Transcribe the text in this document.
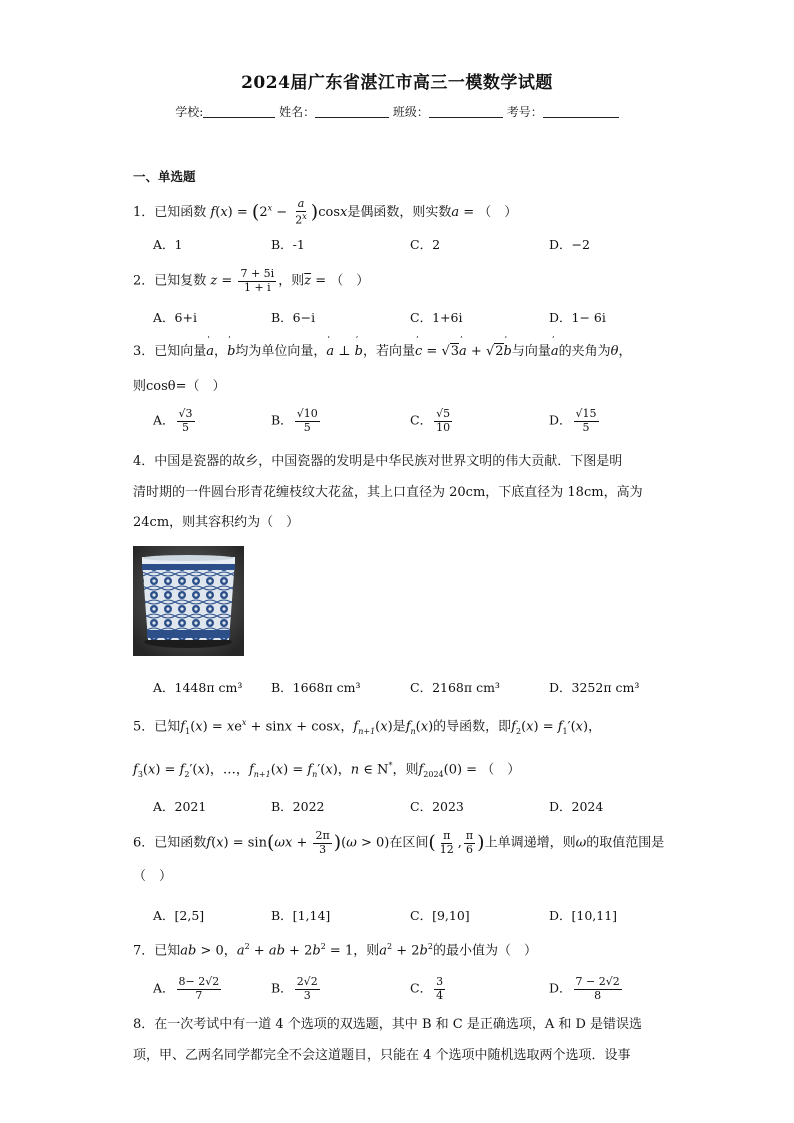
2024届广东省湛江市高三一模数学试题
学校:	姓名：	班级：	考号：
一、单选题
1．已知函数 $f(x) = (2^x - \frac{a}{2^x} )\cos x$是偶函数，则实数a = （　）
A．1	B．-1	C．2	D．−2
2．已知复数 $z = \frac{7 + 5i}{1 + i}$ ，则$\overline{z}$ = （　）
A．6+i	B．6−i	C．1+6i	D．1− 6i
3．已知向量’ a，’ b均为单位向量，’ a ⊥ ’ b，若向量’ c = √3’ a + √2’ b与向量’ a的夹角为θ，
则cosθ=（　）
A． $\frac{√3}{5}$	B． $\frac{√10}{5}$	C． $\frac{√5}{10}$	D． $\frac{√15}{5}$
4．中国是瓷器的故乡，中国瓷器的发明是中华民族对世界文明的伟大贡献．下图是明
清时期的一件圆台形青花缠枝纹大花盆，其上口直径为 20cm，下底直径为 18cm，高为
24cm，则其容积约为（　）
A．1448π cm³ B．1668π cm³	C．2168π cm³	D．3252π cm³
5．已知$f_1(x) = xe^x + \sin x + \cos x$，$f_{n+1}(x)$是$f_n(x)$的导函数，即$f_2(x) = f_1'(x)$，
$f_3(x) = f_2'(x)$，…，$f_{n+1}(x) = f_n'(x)$，n ∈ N*，则$f_{2024}(0)$ = （　）
A．2021	B．2022	C．2023	D．2024
6．已知函数$f(x) = \sin(\omega x + \frac{2\pi}{3} )(\omega > 0)$在区间( $\frac{\pi}{12}$ , $\frac{\pi}{6}$ )上单调递增，则ω的取值范围是
（　）
A．[2,5]	B．[1,14]	C．[9,10]	D．[10,11]
7．已知ab > 0，$a^2$ + ab + $2b^2 = 1$，则$a^2 + 2b^2$的最小值为（　）
A． $\frac{8- 2√2}{7}$	B． $\frac{2√2}{3}$	C． $\frac{3}{4}$	D． $\frac{7 - 2√2}{8}$
8．在一次考试中有一道 4 个选项的双选题，其中 B 和 C 是正确选项，A 和 D 是错误选
项，甲、乙两名同学都完全不会这道题目，只能在 4 个选项中随机选取两个选项．设事
